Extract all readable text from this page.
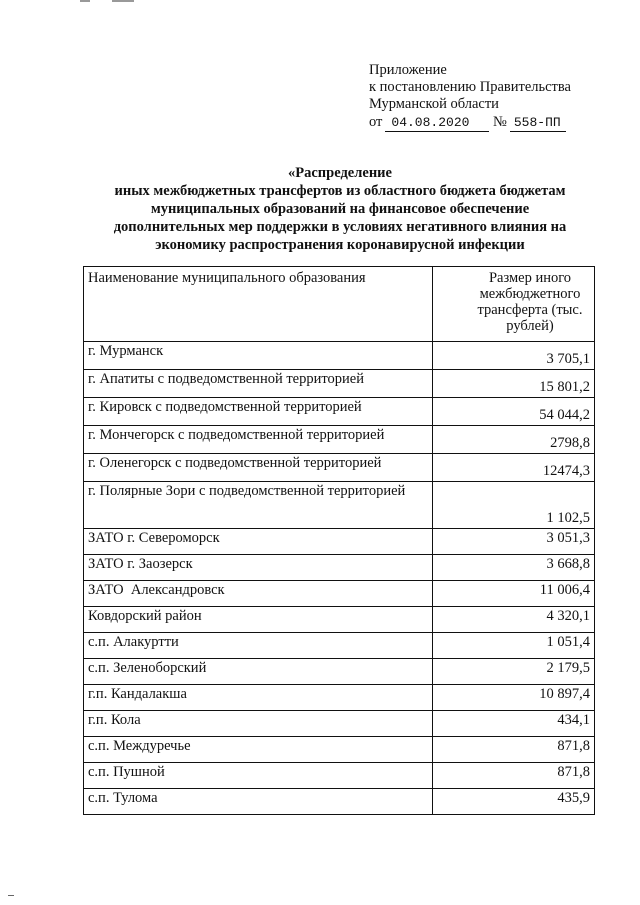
Приложение
к постановлению Правительства
Мурманской области
от 04.08.2020 № 558-ПП
«Распределение
иных межбюджетных трансфертов из областного бюджета бюджетам
муниципальных образований на финансовое обеспечение
дополнительных мер поддержки в условиях негативного влияния на
экономику распространения коронавирусной инфекции
Наименование муниципального образования	Размер иного межбюджетного трансферта (тыс. рублей)
г. Мурманск	3 705,1
г. Апатиты с подведомственной территорией	15 801,2
г. Кировск с подведомственной территорией	54 044,2
г. Мончегорск с подведомственной территорией	2798,8
г. Оленегорск с подведомственной территорией	12474,3
г. Полярные Зори с подведомственной территорией	1 102,5
ЗАТО г. Североморск	3 051,3
ЗАТО г. Заозерск	3 668,8
ЗАТО  Александровск	11 006,4
Ковдорский район	4 320,1
с.п. Алакуртти	1 051,4
с.п. Зеленоборский	2 179,5
г.п. Кандалакша	10 897,4
г.п. Кола	434,1
с.п. Междуречье	871,8
с.п. Пушной	871,8
с.п. Тулома	435,9
